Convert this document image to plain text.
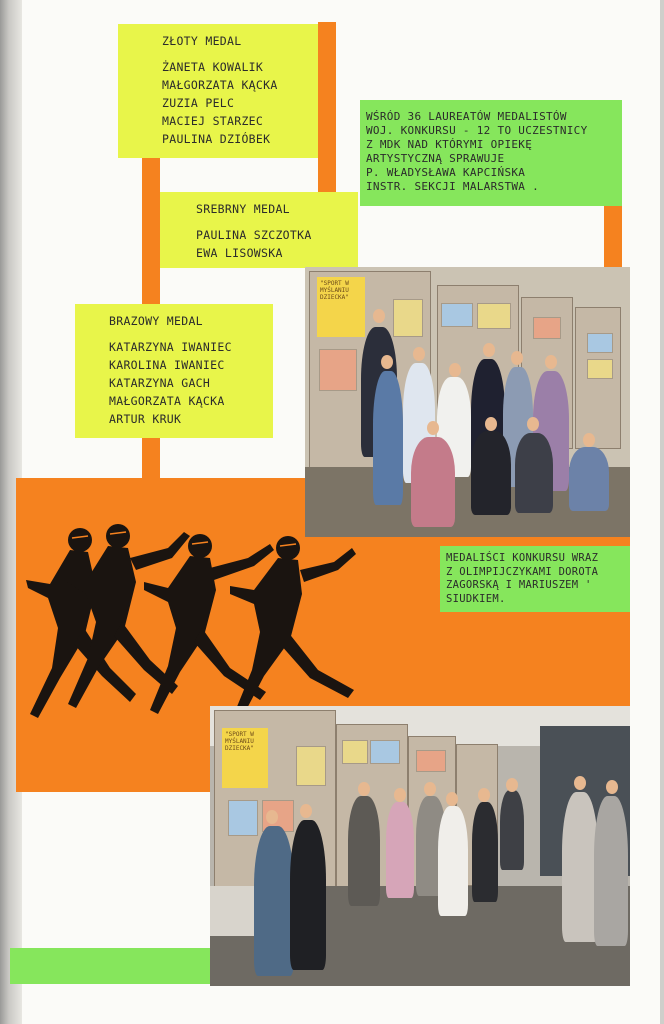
ZŁOTY MEDAL
ŻANETA KOWALIK
MAŁGORZATA KĄCKA
ZUZIA PELC
MACIEJ STARZEC
PAULINA DZIÓBEK
WŚRÓD 36 LAUREATÓW MEDALISTÓW
WOJ. KONKURSU - 12 TO UCZESTNICY
Z MDK NAD KTÓRYMI OPIEKĘ
ARTYSTYCZNĄ SPRAWUJE
P. WŁADYSŁAWA KAPCIŃSKA
INSTR. SEKCJI MALARSTWA .
SREBRNY MEDAL
PAULINA SZCZOTKA
EWA LISOWSKA
BRAZOWY MEDAL
KATARZYNA IWANIEC
KAROLINA IWANIEC
KATARZYNA GACH
MAŁGORZATA KĄCKA
ARTUR KRUK
MEDALIŚCI KONKURSU WRAZ
Z OLIMPIJCZYKAMI DOROTA
ZAGORSKĄ I MARIUSZEM '
SIUDKIEM.
"SPORT W MYŚLANIU DZIECKA"
"SPORT W MYŚLANIU DZIECKA"
